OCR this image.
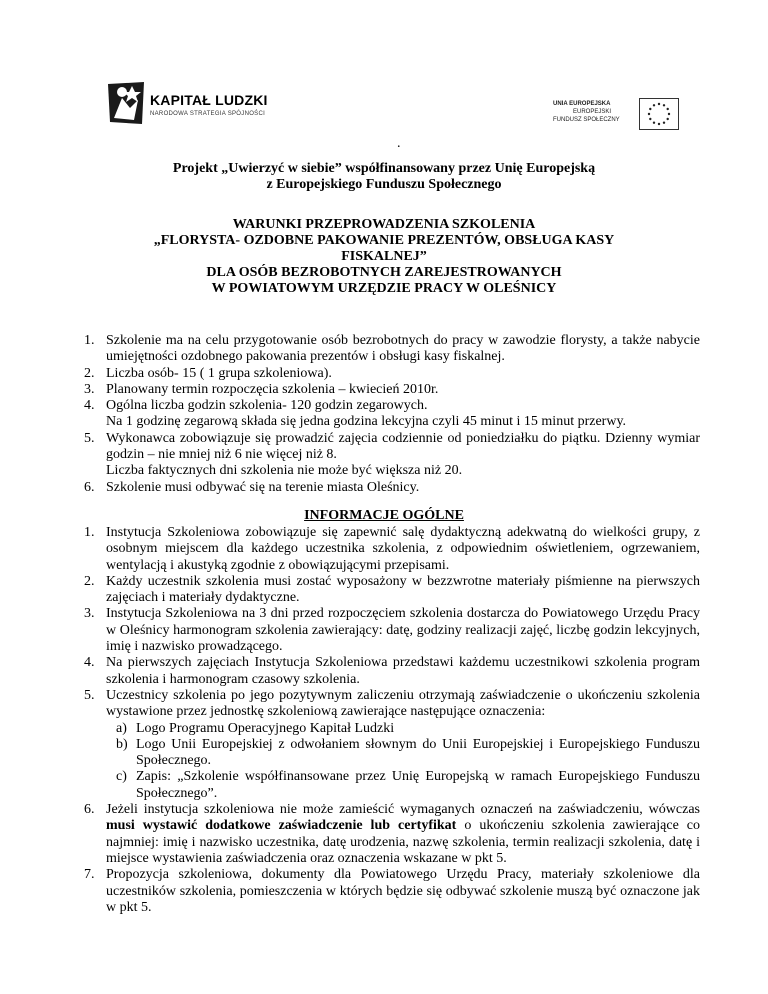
KAPITAŁ LUDZKI
NARODOWA STRATEGIA SPÓJNOŚCI
UNIA EUROPEJSKA
EUROPEJSKI
FUNDUSZ SPOŁECZNY
.
Projekt „Uwierzyć w siebie” współfinansowany przez Unię Europejską
z Europejskiego Funduszu Społecznego
WARUNKI PRZEPROWADZENIA SZKOLENIA
„FLORYSTA- OZDOBNE PAKOWANIE PREZENTÓW, OBSŁUGA KASY
FISKALNEJ”
DLA OSÓB BEZROBOTNYCH ZAREJESTROWANYCH
W POWIATOWYM URZĘDZIE PRACY W OLEŚNICY
1. Szkolenie ma na celu przygotowanie osób bezrobotnych do pracy w zawodzie florysty, a także nabycie umiejętności ozdobnego pakowania prezentów i obsługi kasy fiskalnej.
2. Liczba osób- 15 ( 1 grupa szkoleniowa).
3. Planowany termin rozpoczęcia szkolenia – kwiecień 2010r.
4. Ogólna liczba godzin szkolenia- 120 godzin zegarowych.
Na 1 godzinę zegarową składa się jedna godzina lekcyjna czyli 45 minut i 15 minut przerwy.
5. Wykonawca zobowiązuje się prowadzić zajęcia codziennie od poniedziałku do piątku. Dzienny wymiar godzin – nie mniej niż 6 nie więcej niż 8.
Liczba faktycznych dni szkolenia nie może być większa niż 20.
6. Szkolenie musi odbywać się na terenie miasta Oleśnicy.
INFORMACJE OGÓLNE
1. Instytucja Szkoleniowa zobowiązuje się zapewnić salę dydaktyczną adekwatną do wielkości grupy, z osobnym miejscem dla każdego uczestnika szkolenia, z odpowiednim oświetleniem, ogrzewaniem, wentylacją i akustyką zgodnie z obowiązującymi przepisami.
2. Każdy uczestnik szkolenia musi zostać wyposażony w bezzwrotne materiały piśmienne na pierwszych zajęciach i materiały dydaktyczne.
3. Instytucja Szkoleniowa na 3 dni przed rozpoczęciem szkolenia dostarcza do Powiatowego Urzędu Pracy w Oleśnicy harmonogram szkolenia zawierający: datę, godziny realizacji zajęć, liczbę godzin lekcyjnych, imię i nazwisko prowadzącego.
4. Na pierwszych zajęciach Instytucja Szkoleniowa przedstawi każdemu uczestnikowi szkolenia program szkolenia i harmonogram czasowy szkolenia.
5. Uczestnicy szkolenia po jego pozytywnym zaliczeniu otrzymają zaświadczenie o ukończeniu szkolenia wystawione przez jednostkę szkoleniową zawierające następujące oznaczenia:
a) Logo Programu Operacyjnego Kapitał Ludzki
b) Logo Unii Europejskiej z odwołaniem słownym do Unii Europejskiej i Europejskiego Funduszu Społecznego.
c) Zapis: „Szkolenie współfinansowane przez Unię Europejską w ramach Europejskiego Funduszu Społecznego”.
6. Jeżeli instytucja szkoleniowa nie może zamieścić wymaganych oznaczeń na zaświadczeniu, wówczas musi wystawić dodatkowe zaświadczenie lub certyfikat o ukończeniu szkolenia zawierające co najmniej: imię i nazwisko uczestnika, datę urodzenia, nazwę szkolenia, termin realizacji szkolenia, datę i miejsce wystawienia zaświadczenia oraz oznaczenia wskazane w pkt 5.
7. Propozycja szkoleniowa, dokumenty dla Powiatowego Urzędu Pracy, materiały szkoleniowe dla uczestników szkolenia, pomieszczenia w których będzie się odbywać szkolenie muszą być oznaczone jak w pkt 5.
